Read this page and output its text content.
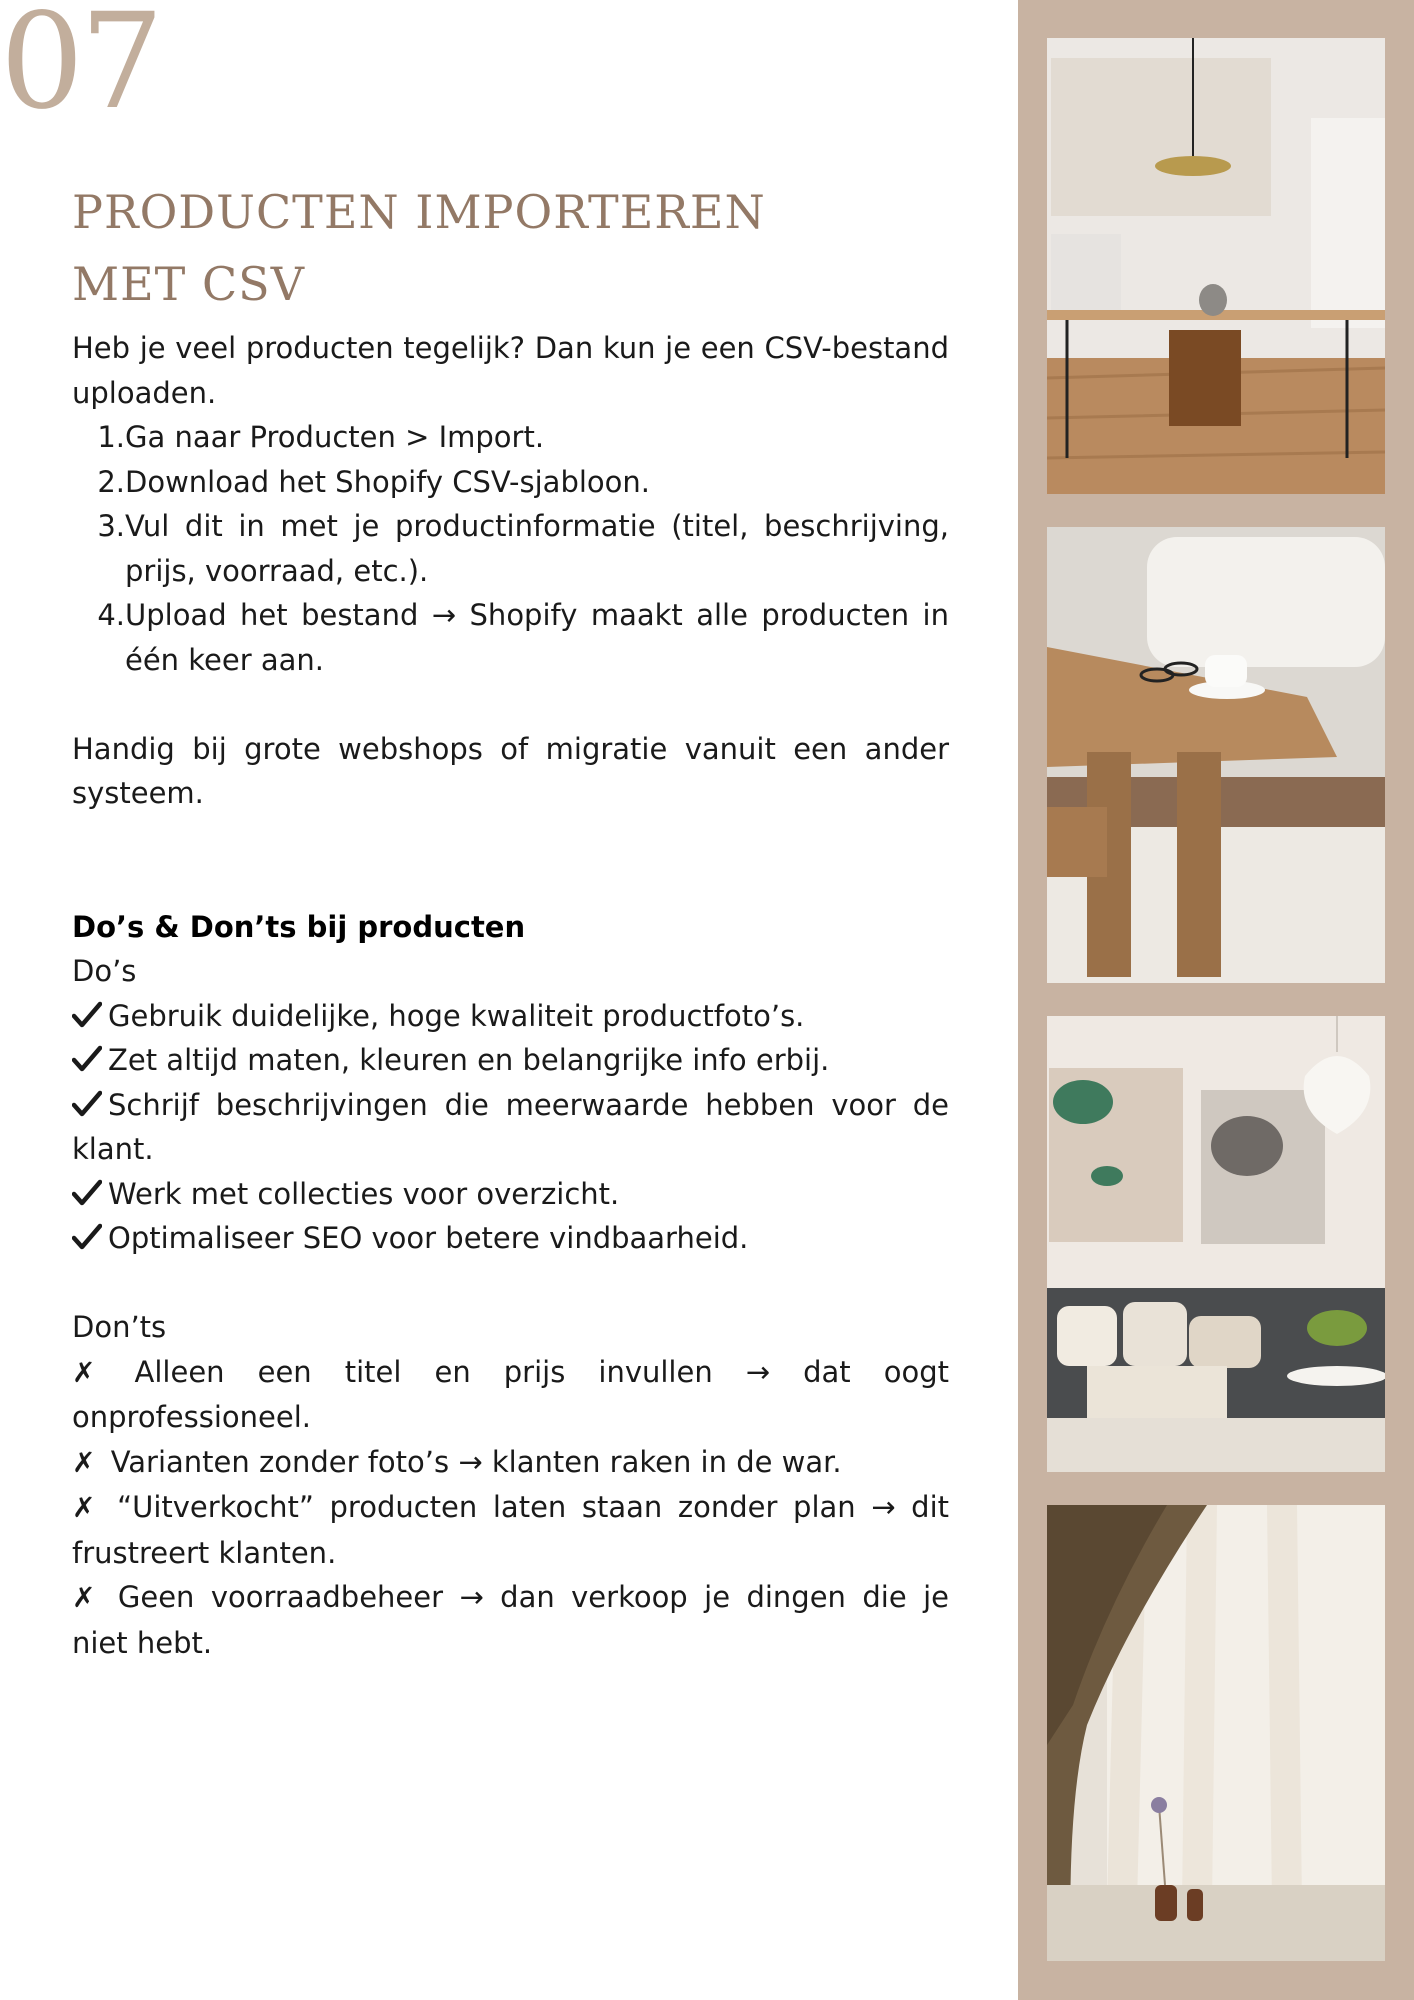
07
PRODUCTEN IMPORTEREN MET CSV

Heb je veel producten tegelijk? Dan kun je een CSV-bestand uploaden.

1. Ga naar Producten > Import.
2. Download het Shopify CSV-sjabloon.
3. Vul dit in met je productinformatie (titel, beschrijving, prijs, voorraad, etc.).
4. Upload het bestand → Shopify maakt alle producten in één keer aan.

Handig bij grote webshops of migratie vanuit een ander systeem.

Do’s & Don’ts bij producten
Do’s
Gebruik duidelijke, hoge kwaliteit productfoto’s.
Zet altijd maten, kleuren en belangrijke info erbij.
Schrijf beschrijvingen die meerwaarde hebben voor de klant.
Werk met collecties voor overzicht.
Optimaliseer SEO voor betere vindbaarheid.
Don’ts
✗ Alleen een titel en prijs invullen → dat oogt onprofessioneel.
✗ Varianten zonder foto’s → klanten raken in de war.
✗ “Uitverkocht” producten laten staan zonder plan → dit frustreert klanten.
✗ Geen voorraadbeheer → dan verkoop je dingen die je niet hebt.
